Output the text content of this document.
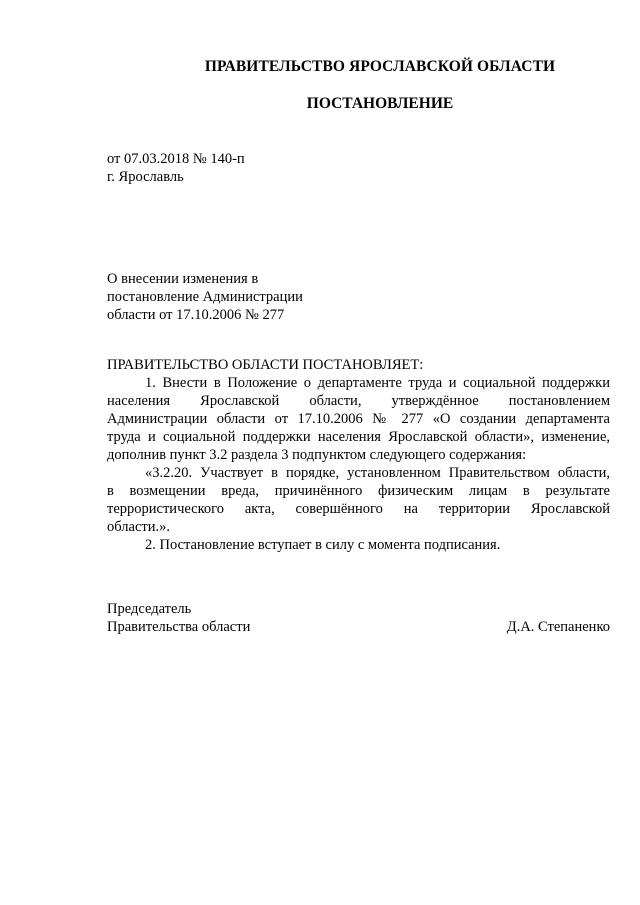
ПРАВИТЕЛЬСТВО ЯРОСЛАВСКОЙ ОБЛАСТИ
ПОСТАНОВЛЕНИЕ
от 07.03.2018 № 140-п
г. Ярославль
О внесении изменения в
постановление Администрации
области от 17.10.2006 № 277
ПРАВИТЕЛЬСТВО ОБЛАСТИ ПОСТАНОВЛЯЕТ:
1. Внести в Положение о департаменте труда и социальной поддержки
населения Ярославской области, утверждённое постановлением
Администрации области от 17.10.2006 № 277 «О создании департамента
труда и социальной поддержки населения Ярославской области», изменение,
дополнив пункт 3.2 раздела 3 подпунктом следующего содержания:
«3.2.20. Участвует в порядке, установленном Правительством области,
в возмещении вреда, причинённого физическим лицам в результате
террористического акта, совершённого на территории Ярославской
области.».
2. Постановление вступает в силу с момента подписания.
Председатель
Правительства области	Д.А. Степаненко
